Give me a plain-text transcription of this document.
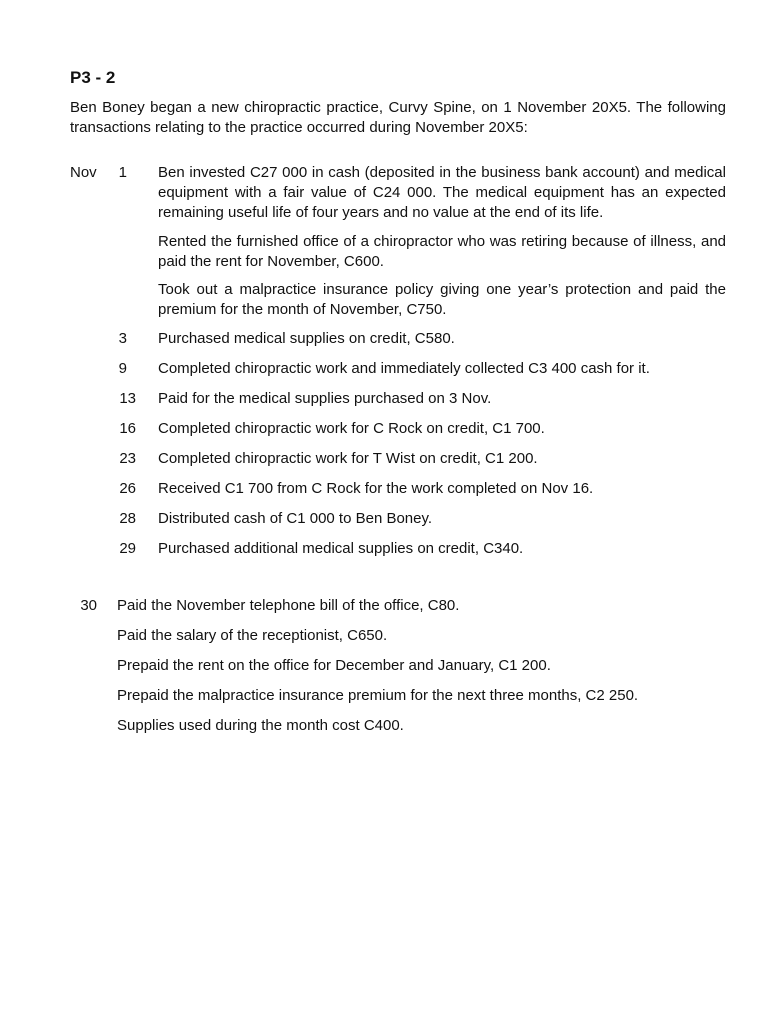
P3 - 2

Ben Boney began a new chiropractic practice, Curvy Spine, on 1 November 20X5. The following transactions relating to the practice occurred during November 20X5:

Nov	1 Ben invested C27 000 in cash (deposited in the business bank account) and medical equipment with a fair value of C24 000. The medical equipment has an expected remaining useful life of four years and no value at the end of its life.
Rented the furnished office of a chiropractor who was retiring because of illness, and paid the rent for November, C600.
Took out a malpractice insurance policy giving one year’s protection and paid the premium for the month of November, C750.
3 Purchased medical supplies on credit, C580.
9 Completed chiropractic work and immediately collected C3 400 cash for it.
13 Paid for the medical supplies purchased on 3 Nov.
16 Completed chiropractic work for C Rock on credit, C1 700.
23 Completed chiropractic work for T Wist on credit, C1 200.
26 Received C1 700 from C Rock for the work completed on Nov 16.
28 Distributed cash of C1 000 to Ben Boney.
29 Purchased additional medical supplies on credit, C340.
30 Paid the November telephone bill of the office, C80.
Paid the salary of the receptionist, C650.
Prepaid the rent on the office for December and January, C1 200.
Prepaid the malpractice insurance premium for the next three months, C2 250.
Supplies used during the month cost C400.
